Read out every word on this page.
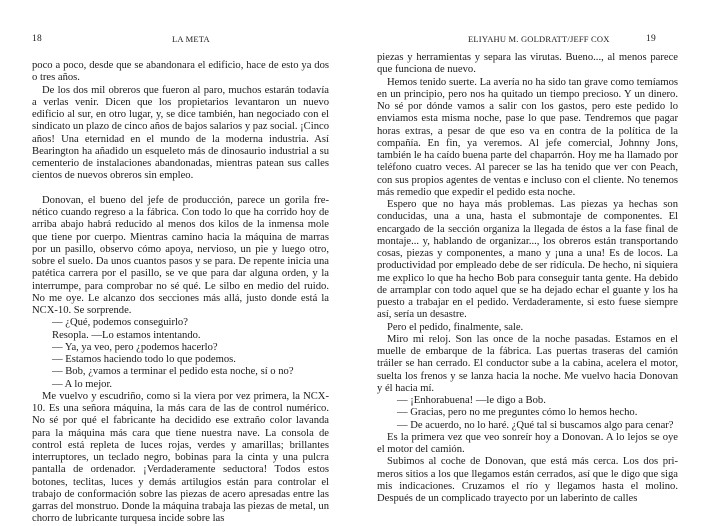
18	LA META

poco a poco, desde que se abandonara el edificio, hace de esto ya dos o tres años.

De los dos mil obreros que fueron al paro, muchos estarán todavía a verlas venir. Dicen que los propietarios levantaron un nuevo edificio al sur, en otro lugar, y, se dice también, han negociado con el sindicato un plazo de cinco años de bajos salarios y paz social. ¡Cinco años! Una eternidad en el mundo de la moderna industria. Así Bearington ha añadido un esqueleto más de dinosaurio industrial a su cementerio de instalaciones abandonadas, mientras patean sus calles cientos de nuevos obreros sin empleo.

Donovan, el bueno del jefe de producción, parece un gorila fre-nético cuando regreso a la fábrica. Con todo lo que ha corrido hoy de arriba abajo habrá reducido al menos dos kilos de la inmensa mole que tiene por cuerpo. Mientras camino hacia la máquina de marras por un pasillo, observo cómo apoya, nervioso, un pie y luego otro, sobre el suelo. Da unos cuantos pasos y se para. De repente inicia una patética carrera por el pasillo, se ve que para dar alguna orden, y la interrumpe, para comprobar no sé qué. Le silbo en medio del ruido. No me oye. Le alcanzo dos secciones más allá, justo donde está la NCX-10. Se sorprende.

— ¿Qué, podemos conseguirlo?

Resopla. —Lo estamos intentando.

— Ya, ya veo, pero ¿podemos hacerlo?

— Estamos haciendo todo lo que podemos.

— Bob, ¿vamos a terminar el pedido esta noche, sí o no?

— A lo mejor.

Me vuelvo y escudriño, como si la viera por vez primera, la NCX-10. Es una señora máquina, la más cara de las de control numérico. No sé por qué el fabricante ha decidido ese extraño color lavanda para la máquina más cara que tiene nuestra nave. La consola de control está repleta de luces rojas, verdes y amarillas; brillantes interruptores, un teclado negro, bobinas para la cinta y una pulcra pantalla de ordenador. ¡Verdaderamente seductora! Todos estos botones, teclitas, luces y demás artilugios están para controlar el trabajo de conformación sobre las piezas de acero apresadas entre las garras del monstruo. Donde la máquina trabaja las piezas de metal, un chorro de lubricante turquesa incide sobre las

ELIYAHU M. GOLDRATT/JEFF COX	19

piezas y herramientas y separa las virutas. Bueno..., al menos parece que funciona de nuevo.

Hemos tenido suerte. La avería no ha sido tan grave como temíamos en un principio, pero nos ha quitado un tiempo precioso. Y un dinero. No sé por dónde vamos a salir con los gastos, pero este pedido lo enviamos esta misma noche, pase lo que pase. Tendremos que pagar horas extras, a pesar de que eso va en contra de la política de la compañía. En fin, ya veremos. Al jefe comercial, Johnny Jons, también le ha caído buena parte del chaparrón. Hoy me ha llamado por teléfono cuatro veces. Al parecer se las ha tenido que ver con Peach, con sus propios agentes de ventas e incluso con el cliente. No tenemos más remedio que expedir el pedido esta noche.

Espero que no haya más problemas. Las piezas ya hechas son conducidas, una a una, hasta el submontaje de componentes. El encargado de la sección organiza la llegada de éstos a la fase final de montaje... y, hablando de organizar..., los obreros están transportando cosas, piezas y componentes, a mano y ¡una a una! Es de locos. La productividad por empleado debe de ser ridícula. De hecho, ni siquiera me explico lo que ha hecho Bob para conseguir tanta gente. Ha debido de arramplar con todo aquel que se ha dejado echar el guante y los ha puesto a trabajar en el pedido. Verdaderamente, si esto fuese siempre así, sería un desastre.

Pero el pedido, finalmente, sale.

Miro mi reloj. Son las once de la noche pasadas. Estamos en el muelle de embarque de la fábrica. Las puertas traseras del camión tráiler se han cerrado. El conductor sube a la cabina, acelera el motor, suelta los frenos y se lanza hacia la noche. Me vuelvo hacia Donovan y él hacia mí.

— ¡Enhorabuena! —le digo a Bob.

— Gracias, pero no me preguntes cómo lo hemos hecho.

— De acuerdo, no lo haré. ¿Qué tal si buscamos algo para cenar?

Es la primera vez que veo sonreír hoy a Donovan. A lo lejos se oye el motor del camión.

Subimos al coche de Donovan, que está más cerca. Los dos pri-meros sitios a los que llegamos están cerrados, así que le digo que siga mis indicaciones. Cruzamos el río y llegamos hasta el molino. Después de un complicado trayecto por un laberinto de calles
